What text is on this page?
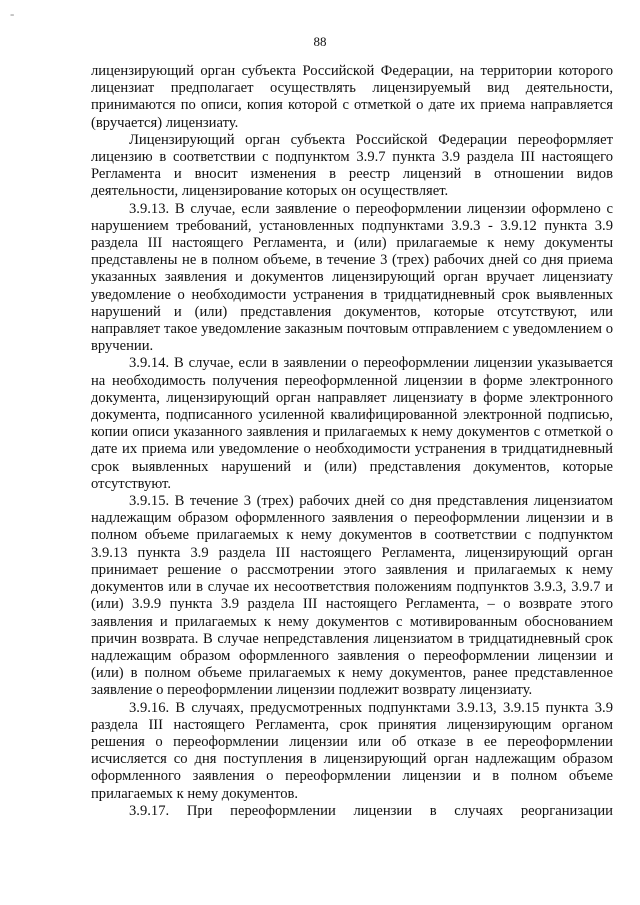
-
88

лицензирующий орган субъекта Российской Федерации, на территории которого лицензиат предполагает осуществлять лицензируемый вид деятельности, принимаются по описи, копия которой с отметкой о дате их приема направляется (вручается) лицензиату.

Лицензирующий орган субъекта Российской Федерации переоформляет лицензию в соответствии с подпунктом 3.9.7 пункта 3.9 раздела III настоящего Регламента и вносит изменения в реестр лицензий в отношении видов деятельности, лицензирование которых он осуществляет.

3.9.13. В случае, если заявление о переоформлении лицензии оформлено с нарушением требований, установленных подпунктами 3.9.3 - 3.9.12 пункта 3.9 раздела III настоящего Регламента, и (или) прилагаемые к нему документы представлены не в полном объеме, в течение 3 (трех) рабочих дней со дня приема указанных заявления и документов лицензирующий орган вручает лицензиату уведомление о необходимости устранения в тридцатидневный срок выявленных нарушений и (или) представления документов, которые отсутствуют, или направляет такое уведомление заказным почтовым отправлением с уведомлением о вручении.

3.9.14. В случае, если в заявлении о переоформлении лицензии указывается на необходимость получения переоформленной лицензии в форме электронного документа, лицензирующий орган направляет лицензиату в форме электронного документа, подписанного усиленной квалифицированной электронной подписью, копии описи указанного заявления и прилагаемых к нему документов с отметкой о дате их приема или уведомление о необходимости устранения в тридцатидневный срок выявленных нарушений и (или) представления документов, которые отсутствуют.

3.9.15. В течение 3 (трех) рабочих дней со дня представления лицензиатом надлежащим образом оформленного заявления о переоформлении лицензии и в полном объеме прилагаемых к нему документов в соответствии с подпунктом 3.9.13 пункта 3.9 раздела III настоящего Регламента, лицензирующий орган принимает решение о рассмотрении этого заявления и прилагаемых к нему документов или в случае их несоответствия положениям подпунктов 3.9.3, 3.9.7 и (или) 3.9.9 пункта 3.9 раздела III настоящего Регламента, – о возврате этого заявления и прилагаемых к нему документов с мотивированным обоснованием причин возврата. В случае непредставления лицензиатом в тридцатидневный срок надлежащим образом оформленного заявления о переоформлении лицензии и (или) в полном объеме прилагаемых к нему документов, ранее представленное заявление о переоформлении лицензии подлежит возврату лицензиату.

3.9.16. В случаях, предусмотренных подпунктами 3.9.13, 3.9.15 пункта 3.9 раздела III настоящего Регламента, срок принятия лицензирующим органом решения о переоформлении лицензии или об отказе в ее переоформлении исчисляется со дня поступления в лицензирующий орган надлежащим образом оформленного заявления о переоформлении лицензии и в полном объеме прилагаемых к нему документов.

3.9.17. При переоформлении лицензии в случаях реорганизации
